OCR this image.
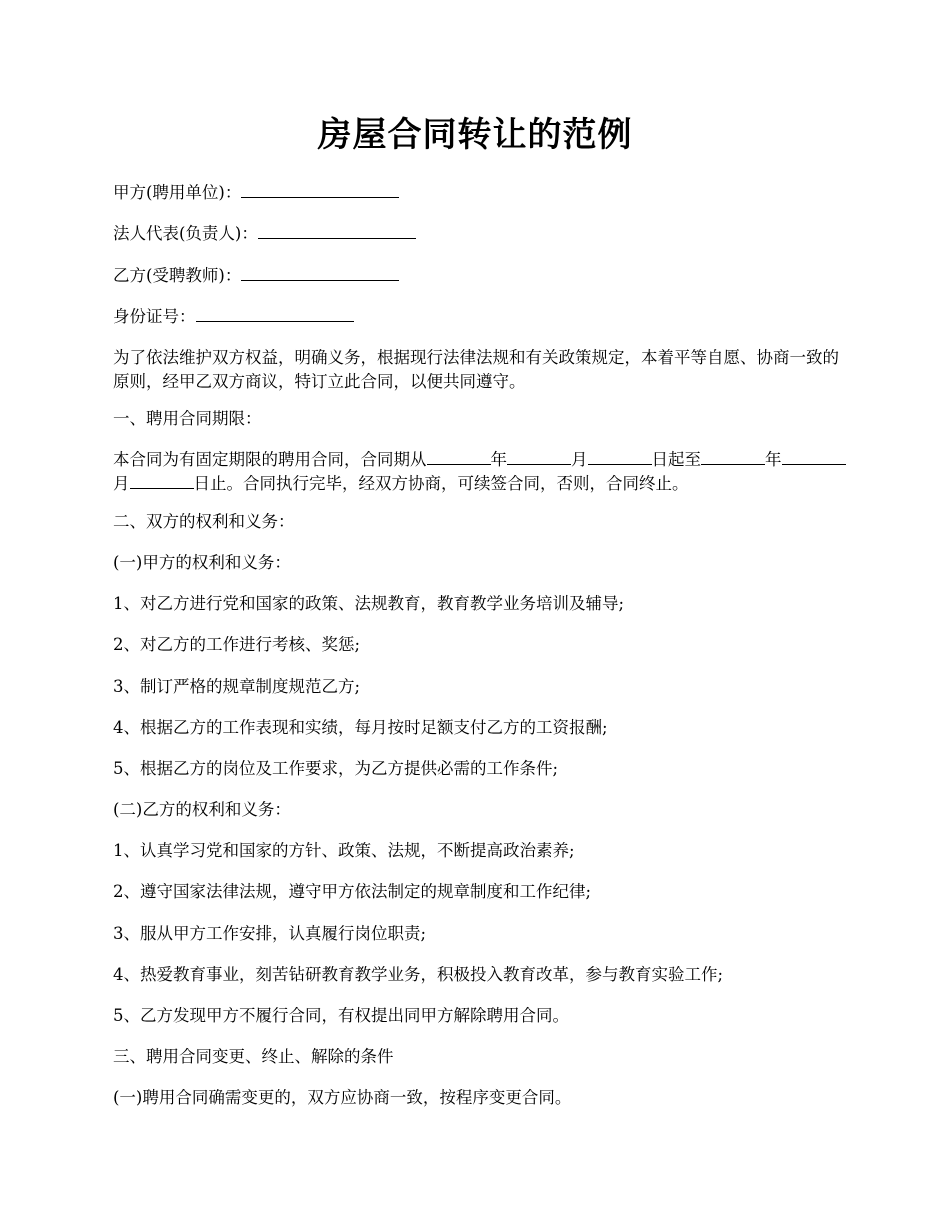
房屋合同转让的范例
甲方(聘用单位)：
法人代表(负责人)：
乙方(受聘教师)：
身份证号：
为了依法维护双方权益，明确义务，根据现行法律法规和有关政策规定，本着平等自愿、协商一致的原则，经甲乙双方商议，特订立此合同，以便共同遵守。
一、聘用合同期限：
本合同为有固定期限的聘用合同，合同期从	年	月	日起至	年月	日止。合同执行完毕，经双方协商，可续签合同，否则，合同终止。
二、双方的权利和义务：
(一)甲方的权利和义务：
1、对乙方进行党和国家的政策、法规教育，教育教学业务培训及辅导;
2、对乙方的工作进行考核、奖惩;
3、制订严格的规章制度规范乙方;
4、根据乙方的工作表现和实绩，每月按时足额支付乙方的工资报酬;
5、根据乙方的岗位及工作要求，为乙方提供必需的工作条件;
(二)乙方的权利和义务：
1、认真学习党和国家的方针、政策、法规，不断提高政治素养;
2、遵守国家法律法规，遵守甲方依法制定的规章制度和工作纪律;
3、服从甲方工作安排，认真履行岗位职责;
4、热爱教育事业，刻苦钻研教育教学业务，积极投入教育改革，参与教育实验工作;
5、乙方发现甲方不履行合同，有权提出同甲方解除聘用合同。
三、聘用合同变更、终止、解除的条件
(一)聘用合同确需变更的，双方应协商一致，按程序变更合同。
